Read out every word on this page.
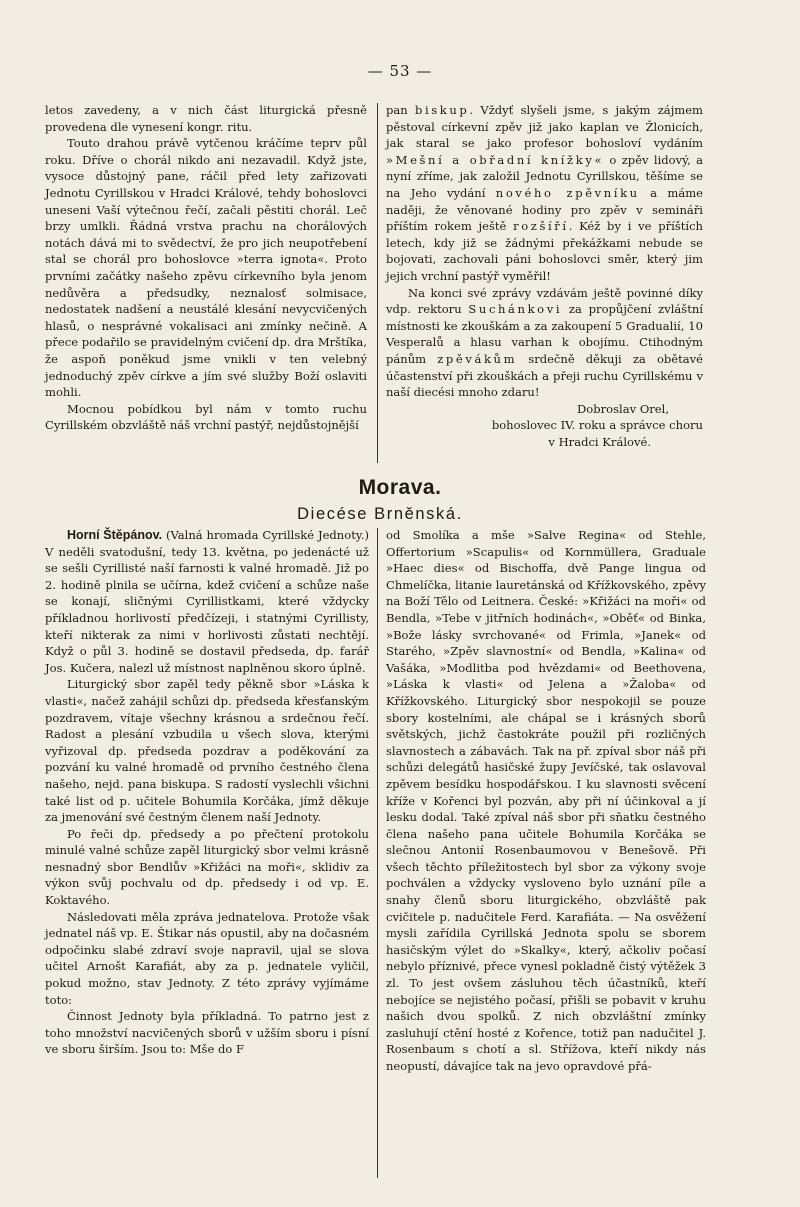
— 53 —

letos zavedeny, a v nich část liturgická přesně provedena dle vynesení kongr. ritu.

Touto drahou právě vytčenou kráčíme teprv půl roku. Dříve o chorál nikdo ani nezavadil. Když jste, vysoce důstojný pane, ráčil před lety zařizovati Jednotu Cyrillskou v Hradci Králové, tehdy bohoslovci uneseni Vaší výtečnou řečí, začali pěstiti chorál. Leč brzy umlkli. Řádná vrstva prachu na chorálových notách dává mi to svědectví, že pro jich neupotřebení stal se chorál pro bohoslovce »terra ignota«. Proto prvními začátky našeho zpěvu církevního byla jenom nedůvěra a předsudky, neznalosť solmisace, nedostatek nadšení a neustálé klesání nevycvičených hlasů, o nesprávné vokalisaci ani zmínky nečině. A přece podařilo se pravidelným cvičení dp. dra Mrštíka, že aspoň poněkud jsme vnikli v ten velebný jednoduchý zpěv církve a jím své služby Boží oslaviti mohli.

Mocnou pobídkou byl nám v tomto ruchu Cyrillském obzvláště náš vrchní pastýř, nejdůstojnější

pan biskup. Vždyť slyšeli jsme, s jakým zájmem pěstoval církevní zpěv již jako kaplan ve Žlonicích, jak staral se jako profesor bohosloví vydáním »Mešní a obřadní knížky« o zpěv lidový, a nyní zříme, jak založil Jednotu Cyrillskou, těšíme se na Jeho vydání nového zpěvníku a máme naději, že věnované hodiny pro zpěv v semináři příštím rokem ještě rozšíří. Kéž by i ve příštích letech, kdy již se žádnými překážkami nebude se bojovati, zachovali páni bohoslovci směr, který jim jejich vrchní pastýř vyměřil!

Na konci své zprávy vzdávám ještě povinné díky vdp. rektoru Suchánkovi za propůjčení zvláštní místnosti ke zkouškám a za zakoupení 5 Gradualií, 10 Vesperalů a hlasu varhan k obojímu. Ctihodným pánům zpěvákům srdečně děkuji za obětavé účastenství při zkouškách a přeji ruchu Cyrillskému v naší diecési mnoho zdaru!

Dobroslav Orel,

bohoslovec IV. roku a správce choru

v Hradci Králové.

Morava.
Diecése Brněnská.

Horní Štěpánov. (Valná hromada Cyrillské Jednoty.) V neděli svatodušní, tedy 13. května, po jedenácté už se sešli Cyrillisté naší farnosti k valné hromadě. Již po 2. hodině plnila se učírna, kdež cvičení a schůze naše se konají, sličnými Cyrillistkami, které vždycky příkladnou horlivostí předčízeji, i statnými Cyrillisty, kteří nikterak za nimi v horlivosti zůstati nechtějí. Když o půl 3. hodině se dostavil předseda, dp. farář Jos. Kučera, nalezl už místnost naplněnou skoro úplně.

Liturgický sbor zapěl tedy pěkně sbor »Láska k vlasti«, načež zahájil schůzi dp. předseda křesťanským pozdravem, vítaje všechny krásnou a srdečnou řečí. Radost a plesání vzbudila u všech slova, kterými vyřizoval dp. předseda pozdrav a poděkování za pozvání ku valné hromadě od prvního čestného člena našeho, nejd. pana biskupa. S radostí vyslechli všichni také list od p. učitele Bohumila Korčáka, jímž děkuje za jmenování své čestným členem naší Jednoty.

Po řeči dp. předsedy a po přečtení protokolu minulé valné schůze zapěl liturgický sbor velmi krásně nesnadný sbor Bendlův »Křižáci na moři«, sklidiv za výkon svůj pochvalu od dp. předsedy i od vp. E. Koktavého.

Následovati měla zpráva jednatelova. Protože však jednatel náš vp. E. Štikar nás opustil, aby na dočasném odpočinku slabé zdraví svoje napravil, ujal se slova učitel Arnošt Karafiát, aby za p. jednatele vyličil, pokud možno, stav Jednoty. Z této zprávy vyjímáme toto:

Činnost Jednoty byla příkladná. To patrno jest z toho množství nacvičených sborů v užším sboru i písní ve sboru širším. Jsou to: Mše do F

od Smolíka a mše »Salve Regina« od Stehle, Offertorium »Scapulis« od Kornmüllera, Graduale »Haec dies« od Bischoffa, dvě Pange lingua od Chmelíčka, litanie lauretánská od Křížkovského, zpěvy na Boží Tělo od Leitnera. České: »Křižáci na moři« od Bendla, »Tebe v jitřních hodinách«, »Oběť« od Binka, »Bože lásky svrchované« od Frimla, »Janek« od Starého, »Zpěv slavnostní« od Bendla, »Kalina« od Vašáka, »Modlitba pod hvězdami« od Beethovena, »Láska k vlasti« od Jelena a »Žaloba« od Křížkovského. Liturgický sbor nespokojil se pouze sbory kostelními, ale chápal se i krásných sborů světských, jichž častokráte použil při rozličných slavnostech a zábavách. Tak na př. zpíval sbor náš při schůzi delegátů hasičské župy Jevíčské, tak oslavoval zpěvem besídku hospodářskou. I ku slavnosti svěcení kříže v Kořenci byl pozván, aby při ní účinkoval a jí lesku dodal. Také zpíval náš sbor při sňatku čestného člena našeho pana učitele Bohumila Korčáka se slečnou Antonií Rosenbaumovou v Benešově. Při všech těchto příležitostech byl sbor za výkony svoje pochválen a vždycky vysloveno bylo uznání píle a snahy členů sboru liturgického, obzvláště pak cvičitele p. nadučitele Ferd. Karafiáta. — Na osvěžení mysli zařídila Cyrillská Jednota spolu se sborem hasičským výlet do »Skalky«, který, ačkoliv počasí nebylo příznivé, přece vynesl pokladně čistý výtěžek 3 zl. To jest ovšem zásluhou těch účastníků, kteří nebojíce se nejistého počasí, přišli se pobavit v kruhu našich dvou spolků. Z nich obzvláštní zmínky zasluhují ctění hosté z Kořence, totiž pan nadučitel J. Rosenbaum s chotí a sl. Střížova, kteří nikdy nás neopustí, dávajíce tak na jevo opravdové přá-
